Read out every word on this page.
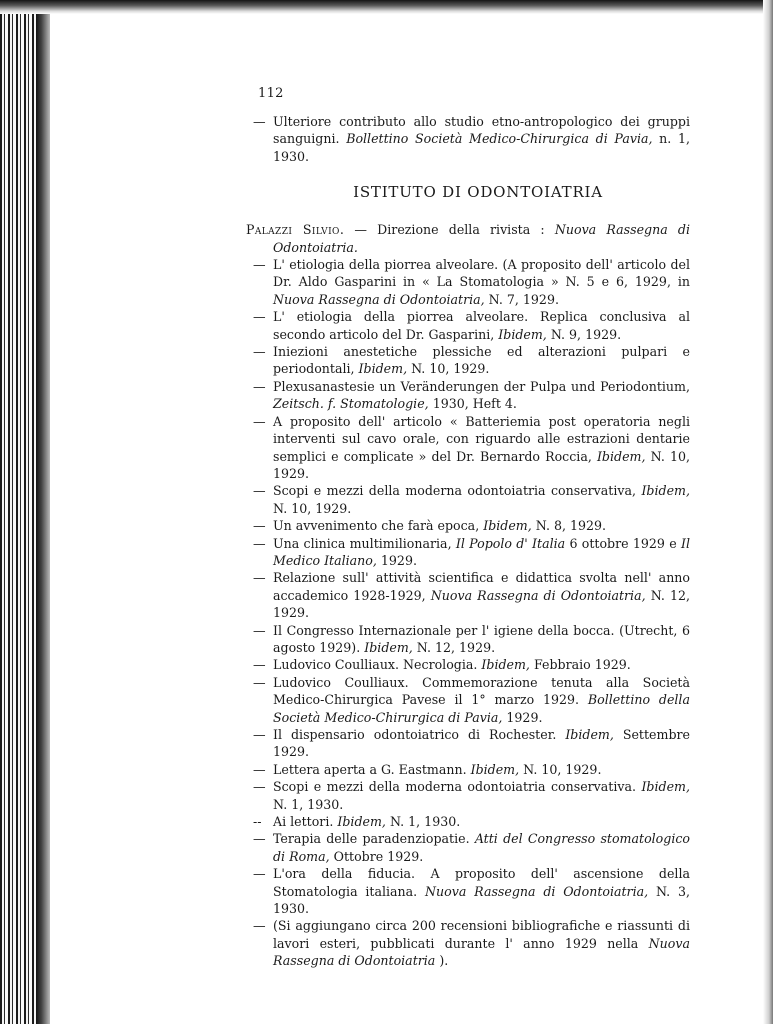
112

— Ulteriore contributo allo studio etno-antropologico dei gruppi sanguigni. Bollettino Società Medico-Chirurgica di Pavia, n. 1, 1930.

ISTITUTO DI ODONTOIATRIA

Palazzi Silvio. — Direzione della rivista : Nuova Rassegna di Odontoiatria.

— L' etiologia della piorrea alveolare. (A proposito dell' articolo del Dr. Aldo Gasparini in « La Stomatologia » N. 5 e 6, 1929, in Nuova Rassegna di Odontoiatria, N. 7, 1929.

— L' etiologia della piorrea alveolare. Replica conclusiva al secondo articolo del Dr. Gasparini, Ibidem, N. 9, 1929.

— Iniezioni anestetiche plessiche ed alterazioni pulpari e periodontali, Ibidem, N. 10, 1929.

— Plexusanastesie un Veränderungen der Pulpa und Periodontium, Zeitsch. f. Stomatologie, 1930, Heft 4.

— A proposito dell' articolo « Batteriemia post operatoria negli interventi sul cavo orale, con riguardo alle estrazioni dentarie semplici e complicate » del Dr. Bernardo Roccia, Ibidem, N. 10, 1929.

— Scopi e mezzi della moderna odontoiatria conservativa, Ibidem, N. 10, 1929.

— Un avvenimento che farà epoca, Ibidem, N. 8, 1929.

— Una clinica multimilionaria, Il Popolo d' Italia 6 ottobre 1929 e Il Medico Italiano, 1929.

— Relazione sull' attività scientifica e didattica svolta nell' anno accademico 1928-1929, Nuova Rassegna di Odontoiatria, N. 12, 1929.

— Il Congresso Internazionale per l' igiene della bocca. (Utrecht, 6 agosto 1929). Ibidem, N. 12, 1929.

— Ludovico Coulliaux. Necrologia. Ibidem, Febbraio 1929.

— Ludovico Coulliaux. Commemorazione tenuta alla Società Medico-Chirurgica Pavese il 1° marzo 1929. Bollettino della Società Medico-Chirurgica di Pavia, 1929.

— Il dispensario odontoiatrico di Rochester. Ibidem, Settembre 1929.

— Lettera aperta a G. Eastmann. Ibidem, N. 10, 1929.

— Scopi e mezzi della moderna odontoiatria conservativa. Ibidem, N. 1, 1930.

-- Ai lettori. Ibidem, N. 1, 1930.

— Terapia delle paradenziopatie. Atti del Congresso stomatologico di Roma, Ottobre 1929.

— L'ora della fiducia. A proposito dell' ascensione della Stomatologia italiana. Nuova Rassegna di Odontoiatria, N. 3, 1930.

— (Si aggiungano circa 200 recensioni bibliografiche e riassunti di lavori esteri, pubblicati durante l' anno 1929 nella Nuova Rassegna di Odontoiatria ).
